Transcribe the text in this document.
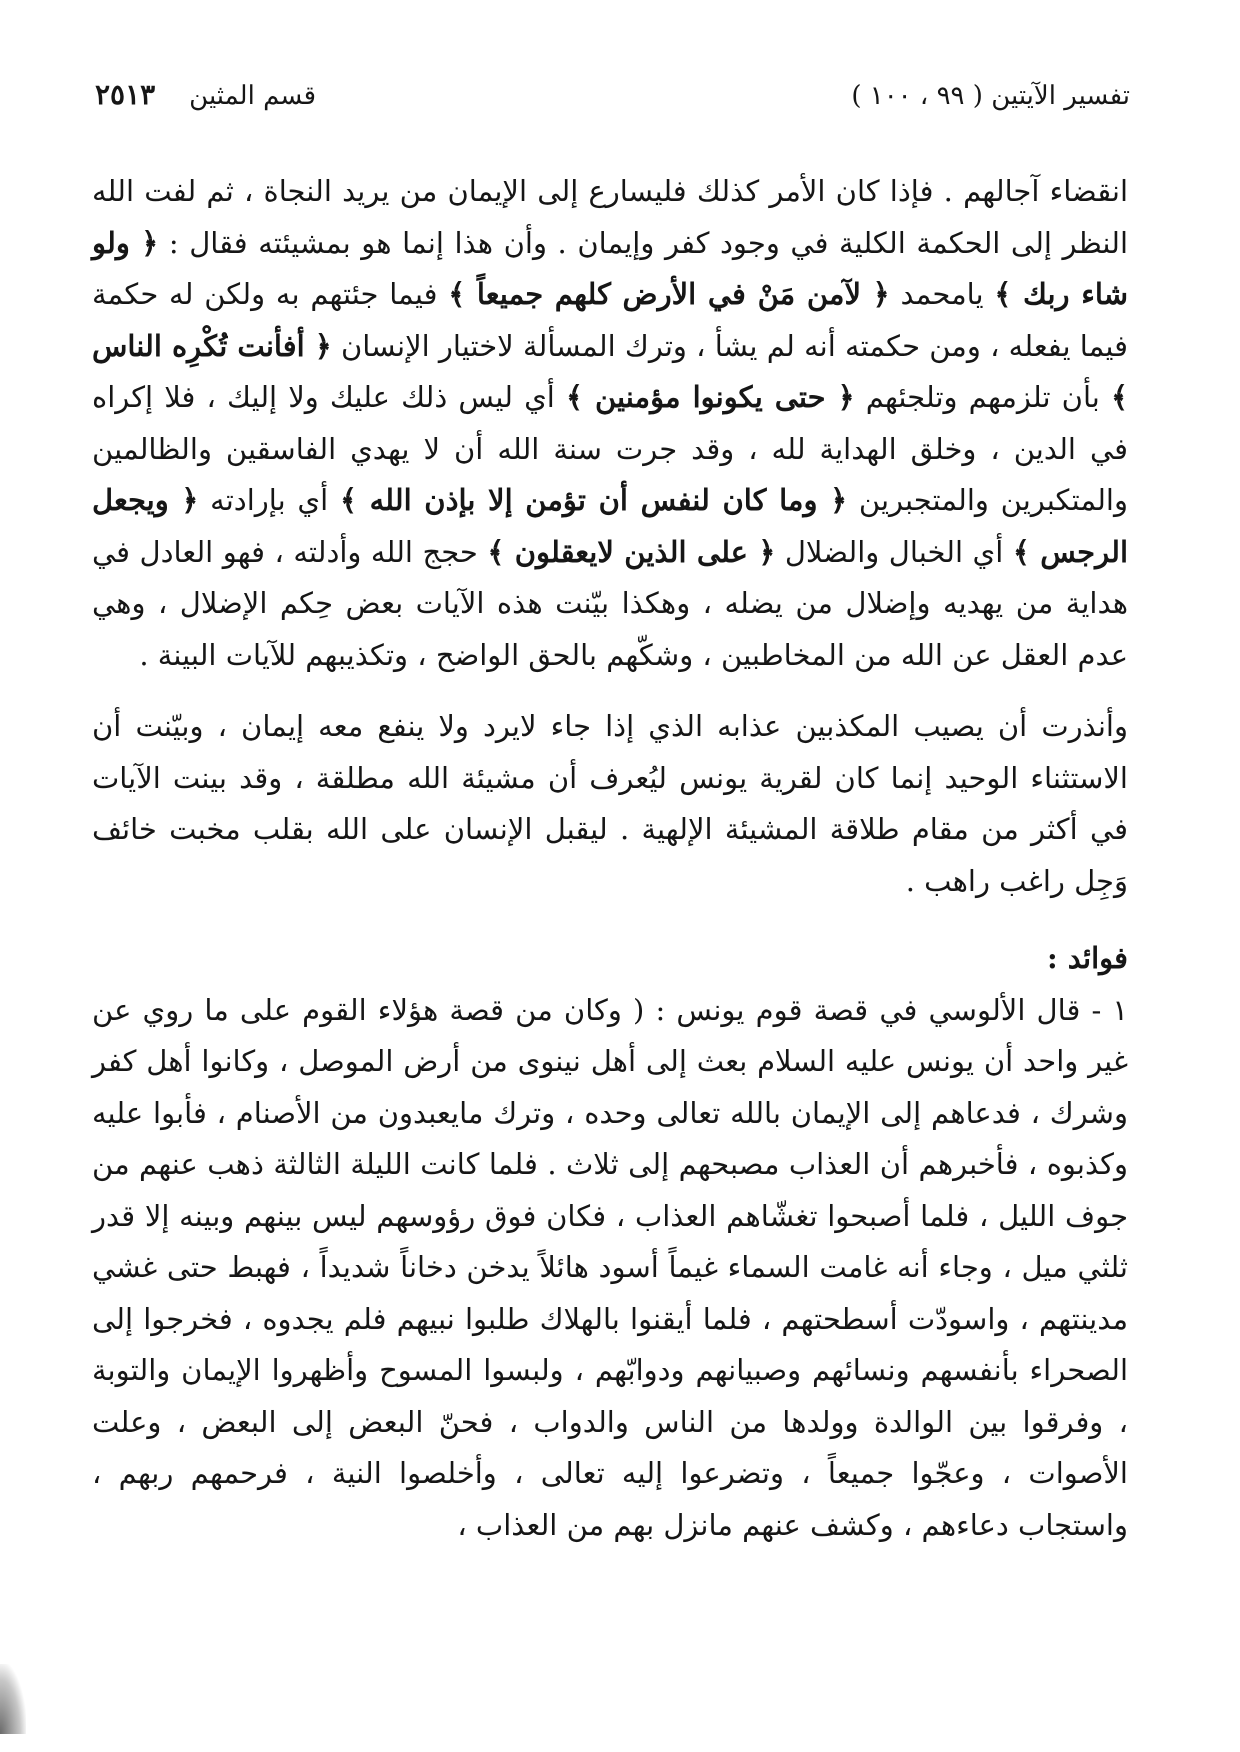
تفسير الآيتين ( ٩٩ ، ١٠٠ )
قسم المثين
٢٥١٣

انقضاء آجالهم . فإذا كان الأمر كذلك فليسارع إلى الإيمان من يريد النجاة ، ثم لفت الله النظر إلى الحكمة الكلية في وجود كفر وإيمان . وأن هذا إنما هو بمشيئته فقال : ﴿ ولو شاء ربك ﴾ يامحمد ﴿ لآمن مَنْ في الأرض كلهم جميعاً ﴾ فيما جئتهم به ولكن له حكمة فيما يفعله ، ومن حكمته أنه لم يشأ ، وترك المسألة لاختيار الإنسان ﴿ أفأنت تُكْرِه الناس ﴾ بأن تلزمهم وتلجئهم ﴿ حتى يكونوا مؤمنين ﴾ أي ليس ذلك عليك ولا إليك ، فلا إكراه في الدين ، وخلق الهداية لله ، وقد جرت سنة الله أن لا يهدي الفاسقين والظالمين والمتكبرين والمتجبرين ﴿ وما كان لنفس أن تؤمن إلا بإذن الله ﴾ أي بإرادته ﴿ ويجعل الرجس ﴾ أي الخبال والضلال ﴿ على الذين لايعقلون ﴾ حجج الله وأدلته ، فهو العادل في هداية من يهديه وإضلال من يضله ، وهكذا بيّنت هذه الآيات بعض حِكم الإضلال ، وهي عدم العقل عن الله من المخاطبين ، وشكّهم بالحق الواضح ، وتكذيبهم للآيات البينة .

وأنذرت أن يصيب المكذبين عذابه الذي إذا جاء لايرد ولا ينفع معه إيمان ، وبيّنت أن الاستثناء الوحيد إنما كان لقرية يونس ليُعرف أن مشيئة الله مطلقة ، وقد بينت الآيات في أكثر من مقام طلاقة المشيئة الإلهية . ليقبل الإنسان على الله بقلب مخبت خائف وَجِل راغب راهب .

فوائد :

١ - قال الألوسي في قصة قوم يونس : ( وكان من قصة هؤلاء القوم على ما روي عن غير واحد أن يونس عليه السلام بعث إلى أهل نينوى من أرض الموصل ، وكانوا أهل كفر وشرك ، فدعاهم إلى الإيمان بالله تعالى وحده ، وترك مايعبدون من الأصنام ، فأبوا عليه وكذبوه ، فأخبرهم أن العذاب مصبحهم إلى ثلاث . فلما كانت الليلة الثالثة ذهب عنهم من جوف الليل ، فلما أصبحوا تغشّاهم العذاب ، فكان فوق رؤوسهم ليس بينهم وبينه إلا قدر ثلثي ميل ، وجاء أنه غامت السماء غيماً أسود هائلاً يدخن دخاناً شديداً ، فهبط حتى غشي مدينتهم ، واسودّت أسطحتهم ، فلما أيقنوا بالهلاك طلبوا نبيهم فلم يجدوه ، فخرجوا إلى الصحراء بأنفسهم ونسائهم وصبيانهم ودوابّهم ، ولبسوا المسوح وأظهروا الإيمان والتوبة ، وفرقوا بين الوالدة وولدها من الناس والدواب ، فحنّ البعض إلى البعض ، وعلت الأصوات ، وعجّوا جميعاً ، وتضرعوا إليه تعالى ، وأخلصوا النية ، فرحمهم ربهم ، واستجاب دعاءهم ، وكشف عنهم مانزل بهم من العذاب ،
